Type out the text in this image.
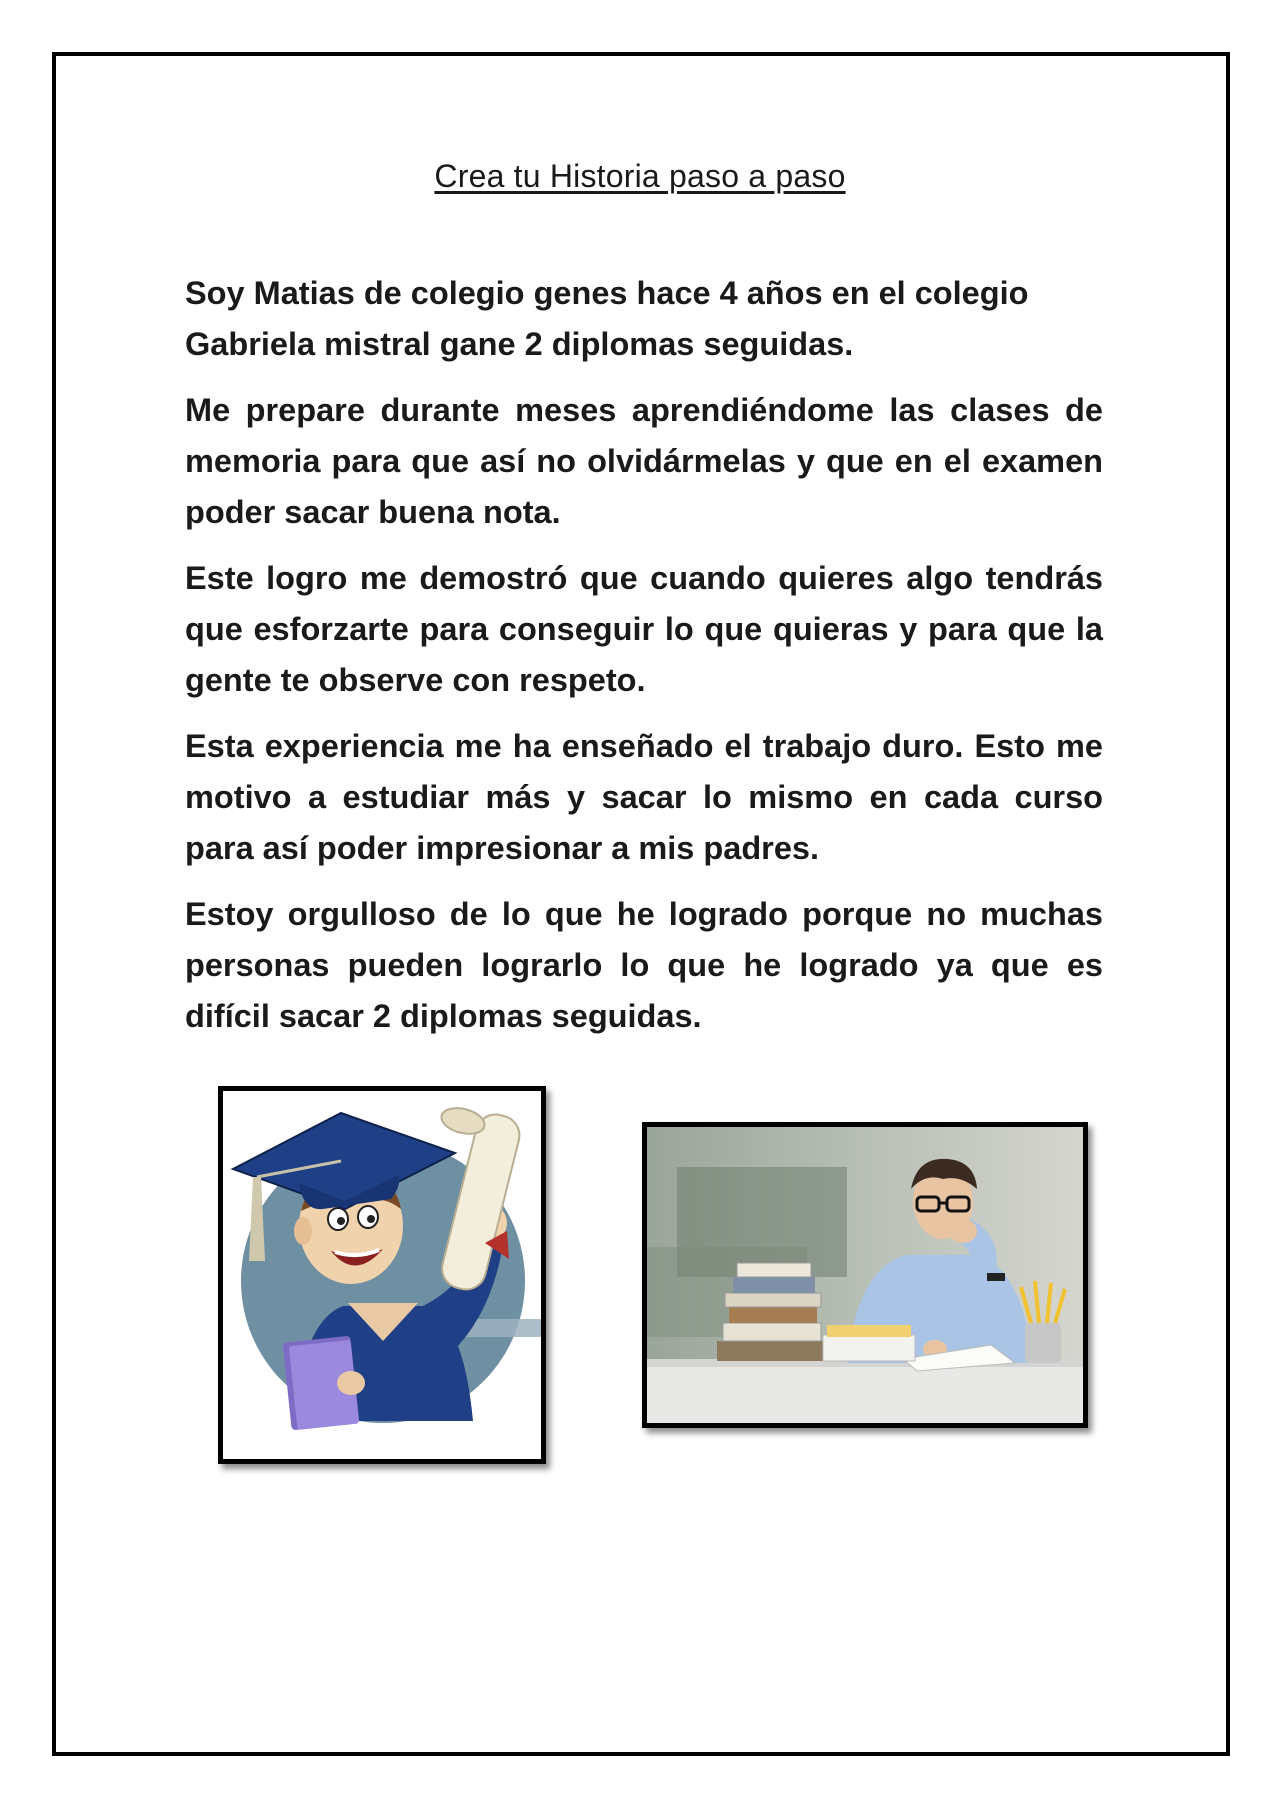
Crea tu Historia paso a paso

Soy Matias de colegio genes hace 4 años en el colegio Gabriela mistral gane 2 diplomas seguidas.

Me prepare durante meses aprendiéndome las clases de memoria para que así no olvidármelas y que en el examen poder sacar buena nota.

Este logro me demostró que cuando quieres algo tendrás que esforzarte para conseguir lo que quieras y para que la gente te observe con respeto.

Esta experiencia me ha enseñado el trabajo duro. Esto me motivo a estudiar más y sacar lo mismo en cada curso para así poder impresionar a mis padres.

Estoy orgulloso de lo que he logrado porque no muchas personas pueden lograrlo lo que he logrado ya que es difícil sacar 2 diplomas seguidas.
